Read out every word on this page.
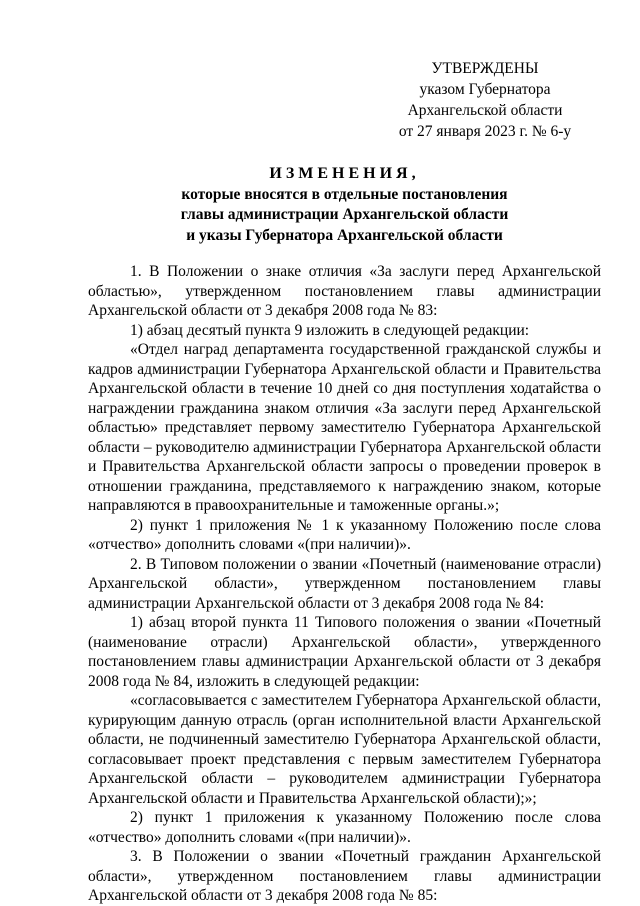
УТВЕРЖДЕНЫ
указом Губернатора
Архангельской области
от 27 января 2023 г. № 6-у
ИЗМЕНЕНИЯ,
которые вносятся в отдельные постановления
главы администрации Архангельской области
и указы Губернатора Архангельской области

1. В Положении о знаке отличия «За заслуги перед Архангельской областью», утвержденном постановлением главы администрации Архангельской области от 3 декабря 2008 года № 83:

1) абзац десятый пункта 9 изложить в следующей редакции:

«Отдел наград департамента государственной гражданской службы и кадров администрации Губернатора Архангельской области и Правительства Архангельской области в течение 10 дней со дня поступления ходатайства о награждении гражданина знаком отличия «За заслуги перед Архангельской областью» представляет первому заместителю Губернатора Архангельской области – руководителю администрации Губернатора Архангельской области и Правительства Архангельской области запросы о проведении проверок в отношении гражданина, представляемого к награждению знаком, которые направляются в правоохранительные и таможенные органы.»;

2) пункт 1 приложения № 1 к указанному Положению после слова «отчество» дополнить словами «(при наличии)».

2. В Типовом положении о звании «Почетный (наименование отрасли) Архангельской области», утвержденном постановлением главы администрации Архангельской области от 3 декабря 2008 года № 84:

1) абзац второй пункта 11 Типового положения о звании «Почетный (наименование отрасли) Архангельской области», утвержденного постановлением главы администрации Архангельской области от 3 декабря 2008 года № 84, изложить в следующей редакции:

«согласовывается с заместителем Губернатора Архангельской области, курирующим данную отрасль (орган исполнительной власти Архангельской области, не подчиненный заместителю Губернатора Архангельской области, согласовывает проект представления с первым заместителем Губернатора Архангельской области – руководителем администрации Губернатора Архангельской области и Правительства Архангельской области);»;

2) пункт 1 приложения к указанному Положению после слова «отчество» дополнить словами «(при наличии)».

3. В Положении о звании «Почетный гражданин Архангельской области», утвержденном постановлением главы администрации Архангельской области от 3 декабря 2008 года № 85:
